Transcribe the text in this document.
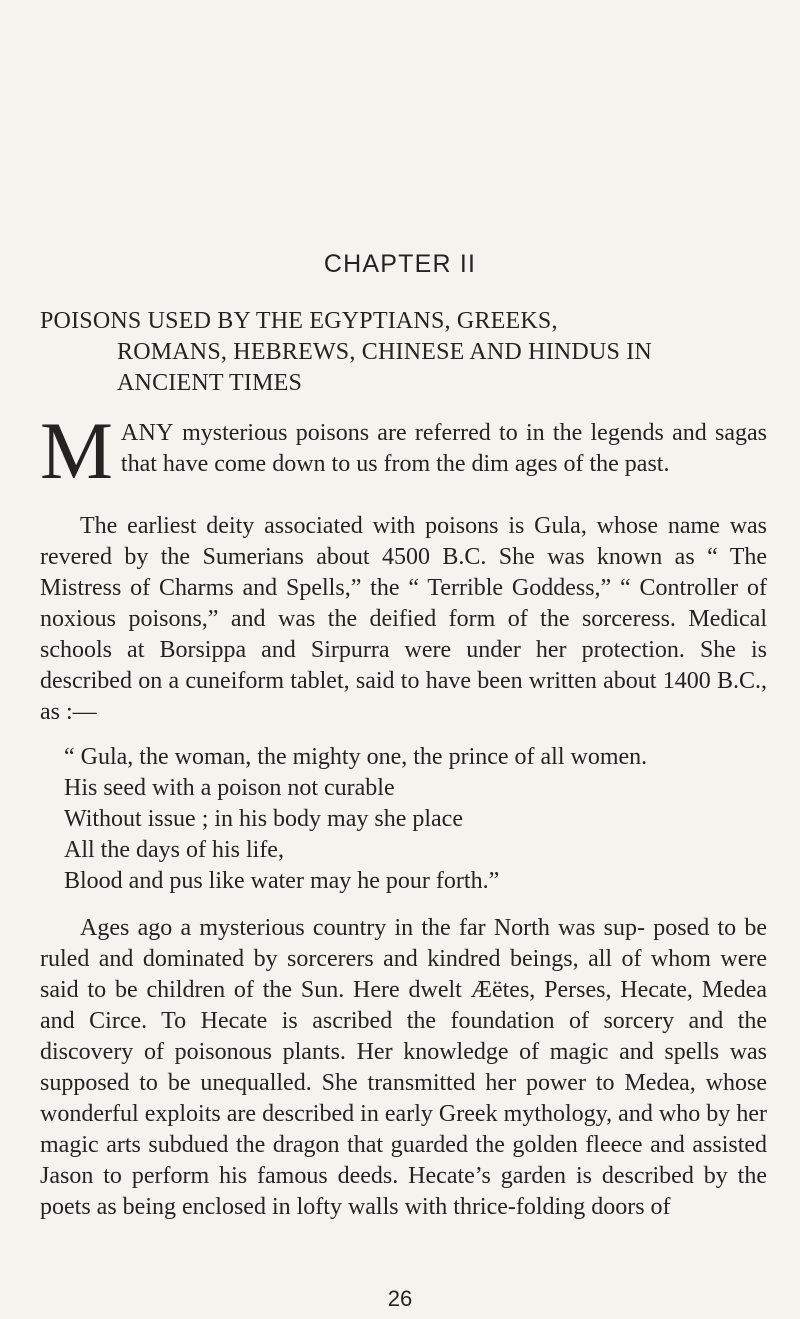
CHAPTER II
POISONS USED BY THE EGYPTIANS, GREEKS,
ROMANS, HEBREWS, CHINESE AND HINDUS IN
ANCIENT TIMES

M ANY mysterious poisons are referred to in the legends and sagas that have come down to us from the dim ages of the past.

The earliest deity associated with poisons is Gula, whose name was revered by the Sumerians about 4500 B.C. She was known as “ The Mistress of Charms and Spells,” the “ Terrible Goddess,” “ Controller of noxious poisons,” and was the deified form of the sorceress. Medical schools at Borsippa and Sirpurra were under her protection. She is described on a cuneiform tablet, said to have been written about 1400 B.C., as :—

“ Gula, the woman, the mighty one, the prince of all women.
His seed with a poison not curable
Without issue ; in his body may she place
All the days of his life,
Blood and pus like water may he pour forth.”

Ages ago a mysterious country in the far North was sup- posed to be ruled and dominated by sorcerers and kindred beings, all of whom were said to be children of the Sun. Here dwelt Æëtes, Perses, Hecate, Medea and Circe. To Hecate is ascribed the foundation of sorcery and the discovery of poisonous plants. Her knowledge of magic and spells was supposed to be unequalled. She transmitted her power to Medea, whose wonderful exploits are described in early Greek mythology, and who by her magic arts subdued the dragon that guarded the golden fleece and assisted Jason to perform his famous deeds. Hecate’s garden is described by the poets as being enclosed in lofty walls with thrice-folding doors of

26
